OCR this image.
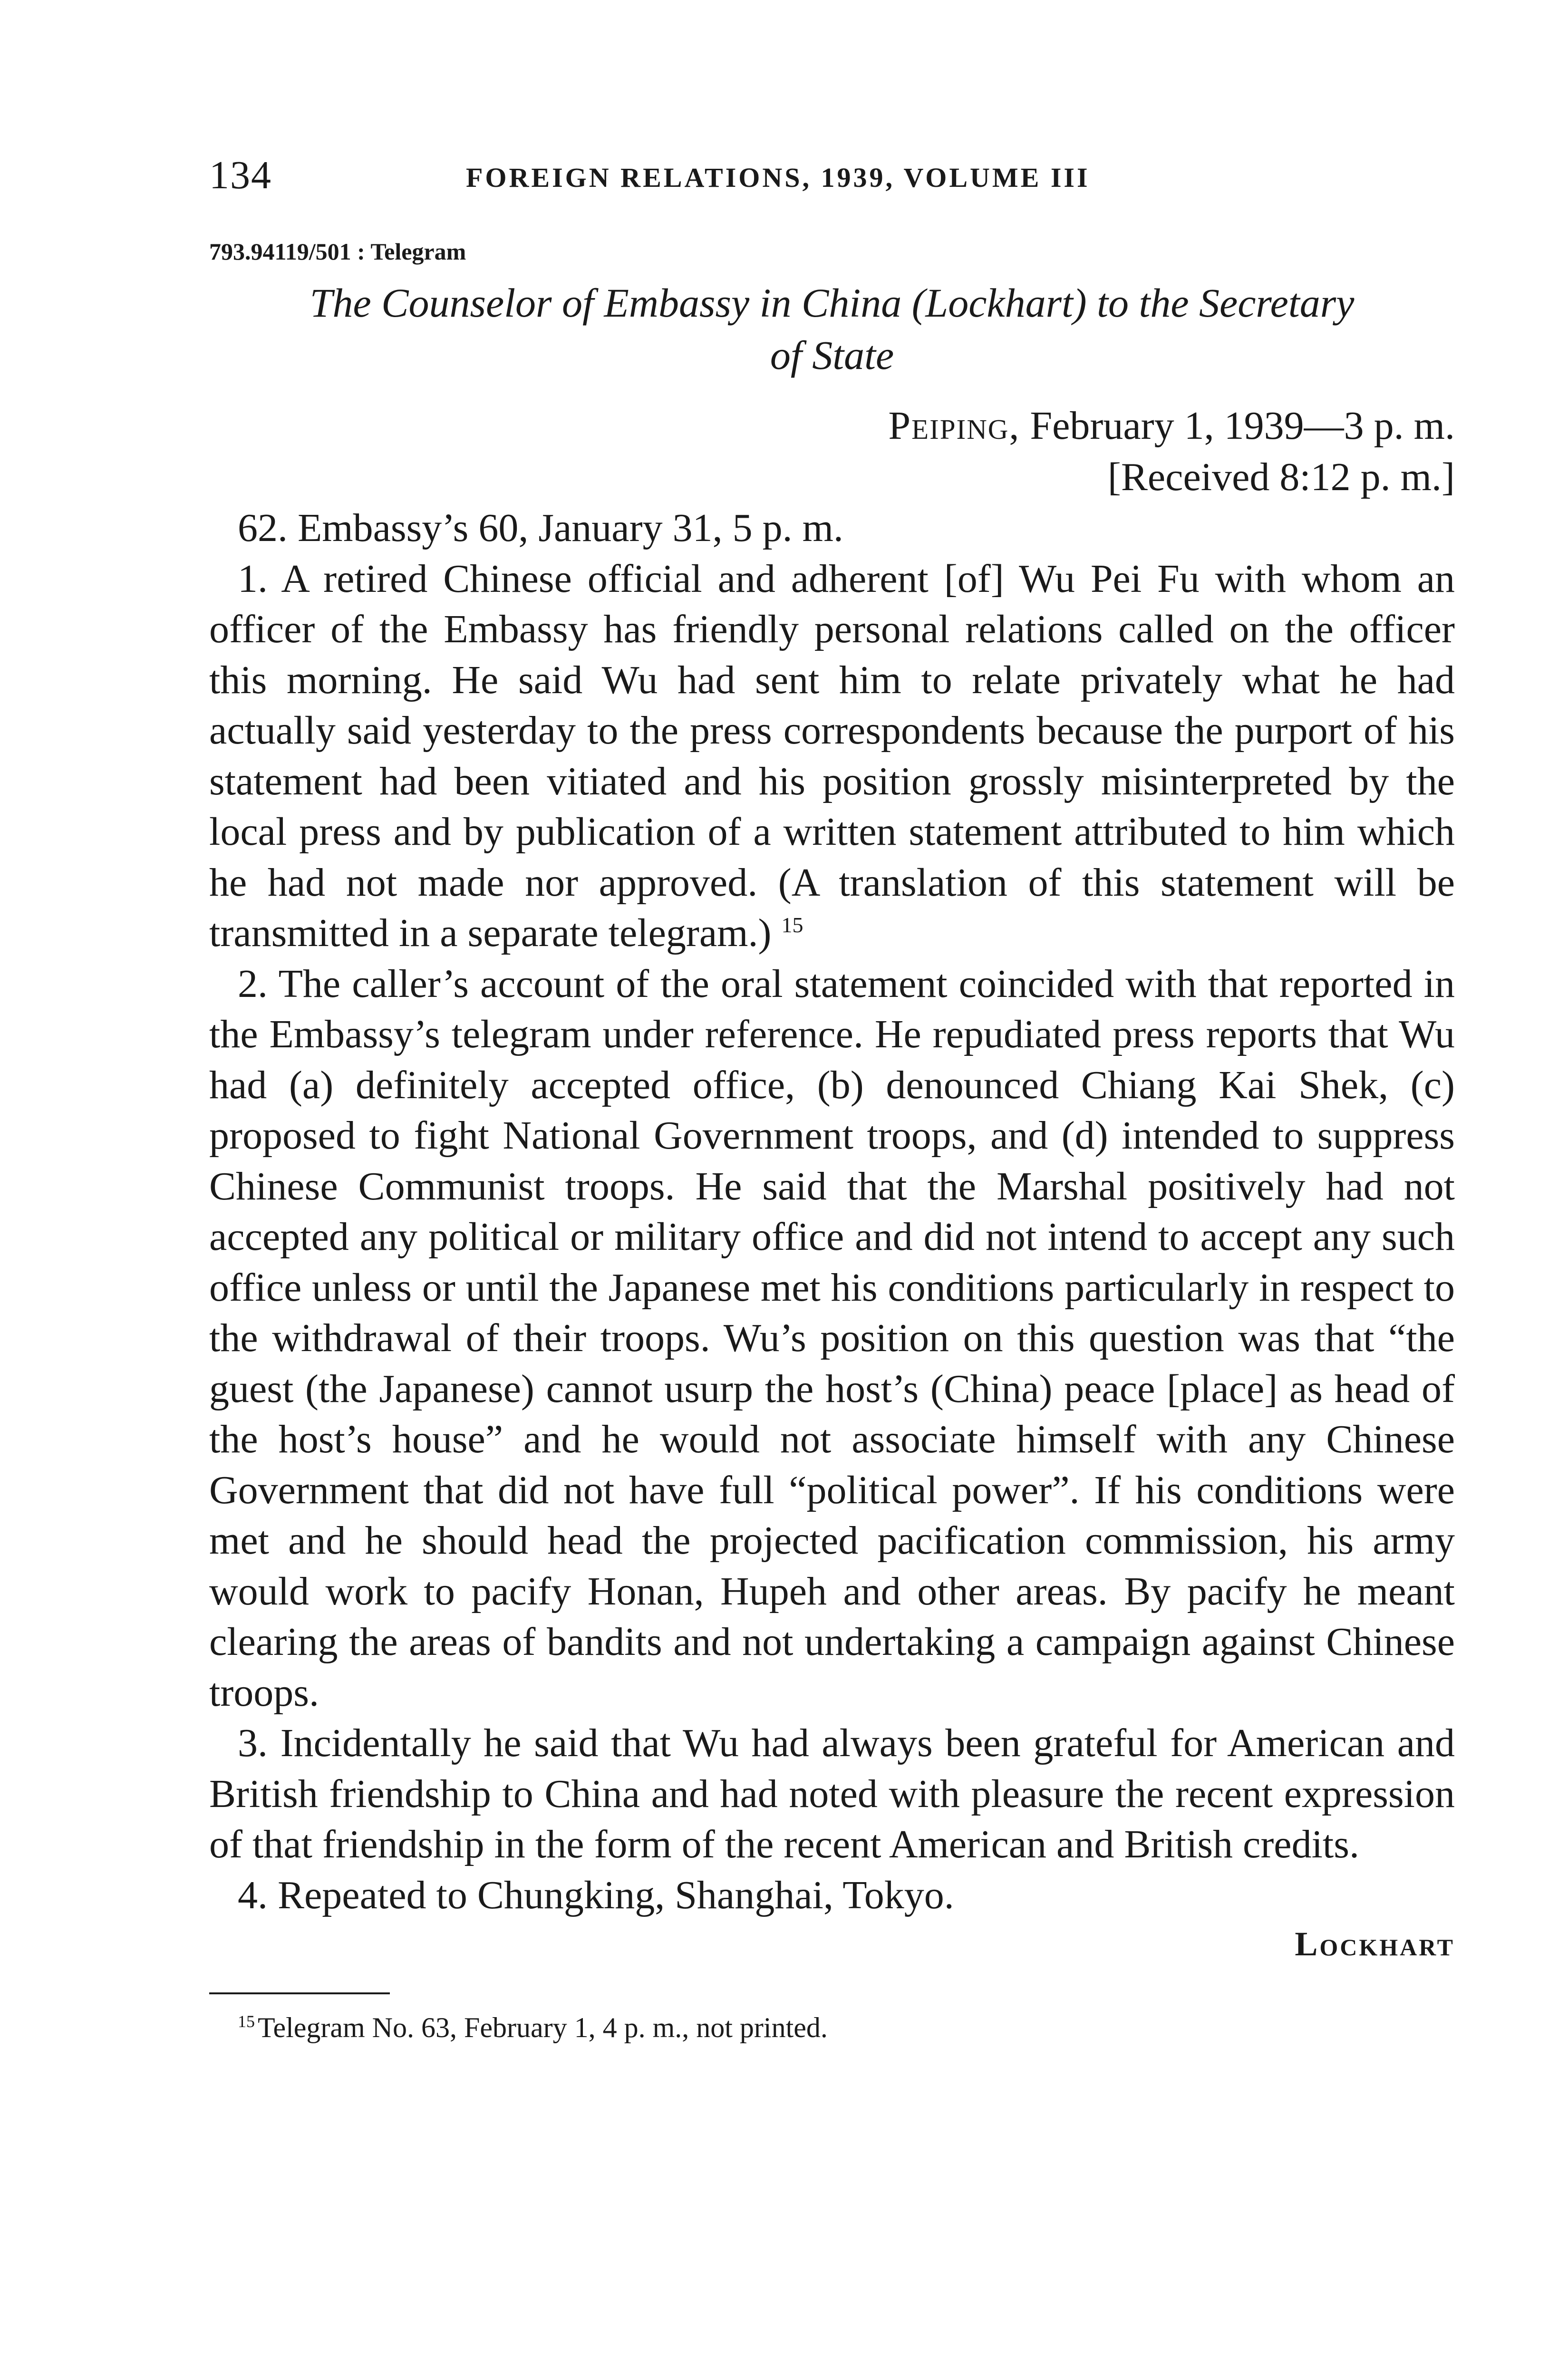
134	FOREIGN RELATIONS, 1939, VOLUME III
793.94119/501 : Telegram
The Counselor of Embassy in China (Lockhart) to the Secretary
of State
Peiping, February 1, 1939—3 p. m.
[Received 8:12 p. m.]

62. Embassy’s 60, January 31, 5 p. m.

1. A retired Chinese official and adherent [of] Wu Pei Fu with whom an officer of the Embassy has friendly personal relations called on the officer this morning. He said Wu had sent him to relate privately what he had actually said yesterday to the press correspondents because the purport of his statement had been vitiated and his position grossly misinterpreted by the local press and by publication of a written statement attributed to him which he had not made nor approved. (A translation of this statement will be transmitted in a separate telegram.) $^{15}$

2. The caller’s account of the oral statement coincided with that reported in the Embassy’s telegram under reference. He repudiated press reports that Wu had (a) definitely accepted office, (b) denounced Chiang Kai Shek, (c) proposed to fight National Government troops, and (d) intended to suppress Chinese Communist troops. He said that the Marshal positively had not accepted any political or military office and did not intend to accept any such office unless or until the Japanese met his conditions particularly in respect to the withdrawal of their troops. Wu’s position on this question was that “the guest (the Japanese) cannot usurp the host’s (China) peace [place] as head of the host’s house” and he would not associate himself with any Chinese Government that did not have full “political power”. If his conditions were met and he should head the projected pacification commission, his army would work to pacify Honan, Hupeh and other areas. By pacify he meant clearing the areas of bandits and not undertaking a campaign against Chinese troops.

3. Incidentally he said that Wu had always been grateful for American and British friendship to China and had noted with pleasure the recent expression of that friendship in the form of the recent American and British credits.

4. Repeated to Chungking, Shanghai, Tokyo.

Lockhart
$^{15}$ Telegram No. 63, February 1, 4 p. m., not printed.
